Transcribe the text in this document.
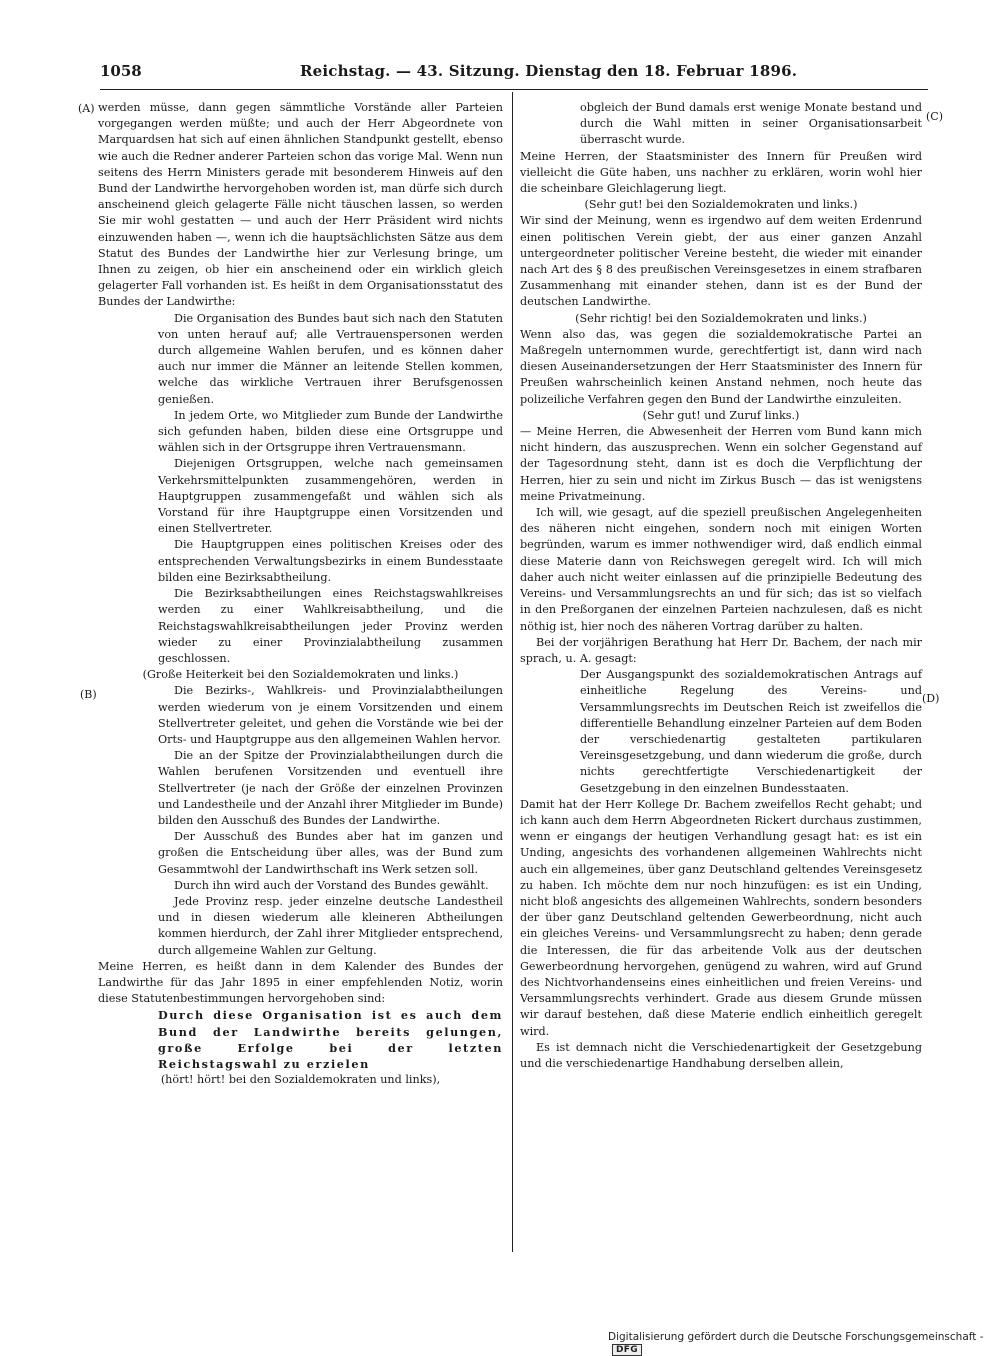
1058	Reichstag. — 43. Sitzung. Dienstag den 18. Februar 1896.
(A)
(B)
(C)
(D)

werden müsse, dann gegen sämmtliche Vorstände aller Parteien vorgegangen werden müßte; und auch der Herr Abgeordnete von Marquardsen hat sich auf einen ähnlichen Standpunkt gestellt, ebenso wie auch die Redner anderer Parteien schon das vorige Mal. Wenn nun seitens des Herrn Ministers gerade mit besonderem Hinweis auf den Bund der Landwirthe hervorgehoben worden ist, man dürfe sich durch anscheinend gleich gelagerte Fälle nicht täuschen lassen, so werden Sie mir wohl gestatten — und auch der Herr Präsident wird nichts einzuwenden haben —, wenn ich die hauptsächlichsten Sätze aus dem Statut des Bundes der Landwirthe hier zur Verlesung bringe, um Ihnen zu zeigen, ob hier ein anscheinend oder ein wirklich gleich gelagerter Fall vorhanden ist. Es heißt in dem Organisationsstatut des Bundes der Landwirthe:

Die Organisation des Bundes baut sich nach den Statuten von unten herauf auf; alle Vertrauenspersonen werden durch allgemeine Wahlen berufen, und es können daher auch nur immer die Männer an leitende Stellen kommen, welche das wirkliche Vertrauen ihrer Berufsgenossen genießen.

In jedem Orte, wo Mitglieder zum Bunde der Landwirthe sich gefunden haben, bilden diese eine Ortsgruppe und wählen sich in der Ortsgruppe ihren Vertrauensmann.

Diejenigen Ortsgruppen, welche nach gemeinsamen Verkehrsmittelpunkten zusammengehören, werden in Hauptgruppen zusammengefaßt und wählen sich als Vorstand für ihre Hauptgruppe einen Vorsitzenden und einen Stellvertreter.

Die Hauptgruppen eines politischen Kreises oder des entsprechenden Verwaltungsbezirks in einem Bundesstaate bilden eine Bezirksabtheilung.

Die Bezirksabtheilungen eines Reichstagswahlkreises werden zu einer Wahlkreisabtheilung, und die Reichstagswahlkreisabtheilungen jeder Provinz werden wieder zu einer Provinzialabtheilung zusammen geschlossen.

(Große Heiterkeit bei den Sozialdemokraten und links.)

Die Bezirks-, Wahlkreis- und Provinzialabtheilungen werden wiederum von je einem Vorsitzenden und einem Stellvertreter geleitet, und gehen die Vorstände wie bei der Orts- und Hauptgruppe aus den allgemeinen Wahlen hervor.

Die an der Spitze der Provinzialabtheilungen durch die Wahlen berufenen Vorsitzenden und eventuell ihre Stellvertreter (je nach der Größe der einzelnen Provinzen und Landestheile und der Anzahl ihrer Mitglieder im Bunde) bilden den Ausschuß des Bundes der Landwirthe.

Der Ausschuß des Bundes aber hat im ganzen und großen die Entscheidung über alles, was der Bund zum Gesammtwohl der Landwirthschaft ins Werk setzen soll.

Durch ihn wird auch der Vorstand des Bundes gewählt.

Jede Provinz resp. jeder einzelne deutsche Landestheil und in diesen wiederum alle kleineren Abtheilungen kommen hierdurch, der Zahl ihrer Mitglieder entsprechend, durch allgemeine Wahlen zur Geltung.

Meine Herren, es heißt dann in dem Kalender des Bundes der Landwirthe für das Jahr 1895 in einer empfehlenden Notiz, worin diese Statutenbestimmungen hervorgehoben sind:

Durch diese Organisation ist es auch dem Bund der Landwirthe bereits gelungen, große Erfolge bei der letzten Reichstagswahl zu erzielen

(hört! hört! bei den Sozialdemokraten und links),

obgleich der Bund damals erst wenige Monate bestand und durch die Wahl mitten in seiner Organisationsarbeit überrascht wurde.

Meine Herren, der Staatsminister des Innern für Preußen wird vielleicht die Güte haben, uns nachher zu erklären, worin wohl hier die scheinbare Gleichlagerung liegt.

(Sehr gut! bei den Sozialdemokraten und links.)

Wir sind der Meinung, wenn es irgendwo auf dem weiten Erdenrund einen politischen Verein giebt, der aus einer ganzen Anzahl untergeordneter politischer Vereine besteht, die wieder mit einander nach Art des § 8 des preußischen Vereinsgesetzes in einem strafbaren Zusammenhang mit einander stehen, dann ist es der Bund der deutschen Landwirthe.

(Sehr richtig! bei den Sozialdemokraten und links.)

Wenn also das, was gegen die sozialdemokratische Partei an Maßregeln unternommen wurde, gerechtfertigt ist, dann wird nach diesen Auseinandersetzungen der Herr Staatsminister des Innern für Preußen wahrscheinlich keinen Anstand nehmen, noch heute das polizeiliche Verfahren gegen den Bund der Landwirthe einzuleiten.

(Sehr gut! und Zuruf links.)

— Meine Herren, die Abwesenheit der Herren vom Bund kann mich nicht hindern, das auszusprechen. Wenn ein solcher Gegenstand auf der Tagesordnung steht, dann ist es doch die Verpflichtung der Herren, hier zu sein und nicht im Zirkus Busch — das ist wenigstens meine Privatmeinung.

Ich will, wie gesagt, auf die speziell preußischen Angelegenheiten des näheren nicht eingehen, sondern noch mit einigen Worten begründen, warum es immer nothwendiger wird, daß endlich einmal diese Materie dann von Reichswegen geregelt wird. Ich will mich daher auch nicht weiter einlassen auf die prinzipielle Bedeutung des Vereins- und Versammlungsrechts an und für sich; das ist so vielfach in den Preßorganen der einzelnen Parteien nachzulesen, daß es nicht nöthig ist, hier noch des näheren Vortrag darüber zu halten.

Bei der vorjährigen Berathung hat Herr Dr. Bachem, der nach mir sprach, u. A. gesagt:

Der Ausgangspunkt des sozialdemokratischen Antrags auf einheitliche Regelung des Vereins- und Versammlungsrechts im Deutschen Reich ist zweifellos die differentielle Behandlung einzelner Parteien auf dem Boden der verschiedenartig gestalteten partikularen Vereinsgesetzgebung, und dann wiederum die große, durch nichts gerechtfertigte Verschiedenartigkeit der Gesetzgebung in den einzelnen Bundesstaaten.

Damit hat der Herr Kollege Dr. Bachem zweifellos Recht gehabt; und ich kann auch dem Herrn Abgeordneten Rickert durchaus zustimmen, wenn er eingangs der heutigen Verhandlung gesagt hat: es ist ein Unding, angesichts des vorhandenen allgemeinen Wahlrechts nicht auch ein allgemeines, über ganz Deutschland geltendes Vereinsgesetz zu haben. Ich möchte dem nur noch hinzufügen: es ist ein Unding, nicht bloß angesichts des allgemeinen Wahlrechts, sondern besonders der über ganz Deutschland geltenden Gewerbeordnung, nicht auch ein gleiches Vereins- und Versammlungsrecht zu haben; denn gerade die Interessen, die für das arbeitende Volk aus der deutschen Gewerbeordnung hervorgehen, genügend zu wahren, wird auf Grund des Nichtvorhandenseins eines einheitlichen und freien Vereins- und Versammlungsrechts verhindert. Grade aus diesem Grunde müssen wir darauf bestehen, daß diese Materie endlich einheitlich geregelt wird.

Es ist demnach nicht die Verschiedenartigkeit der Gesetzgebung und die verschiedenartige Handhabung derselben allein,

Digitalisierung gefördert durch die Deutsche Forschungsgemeinschaft - DFG
